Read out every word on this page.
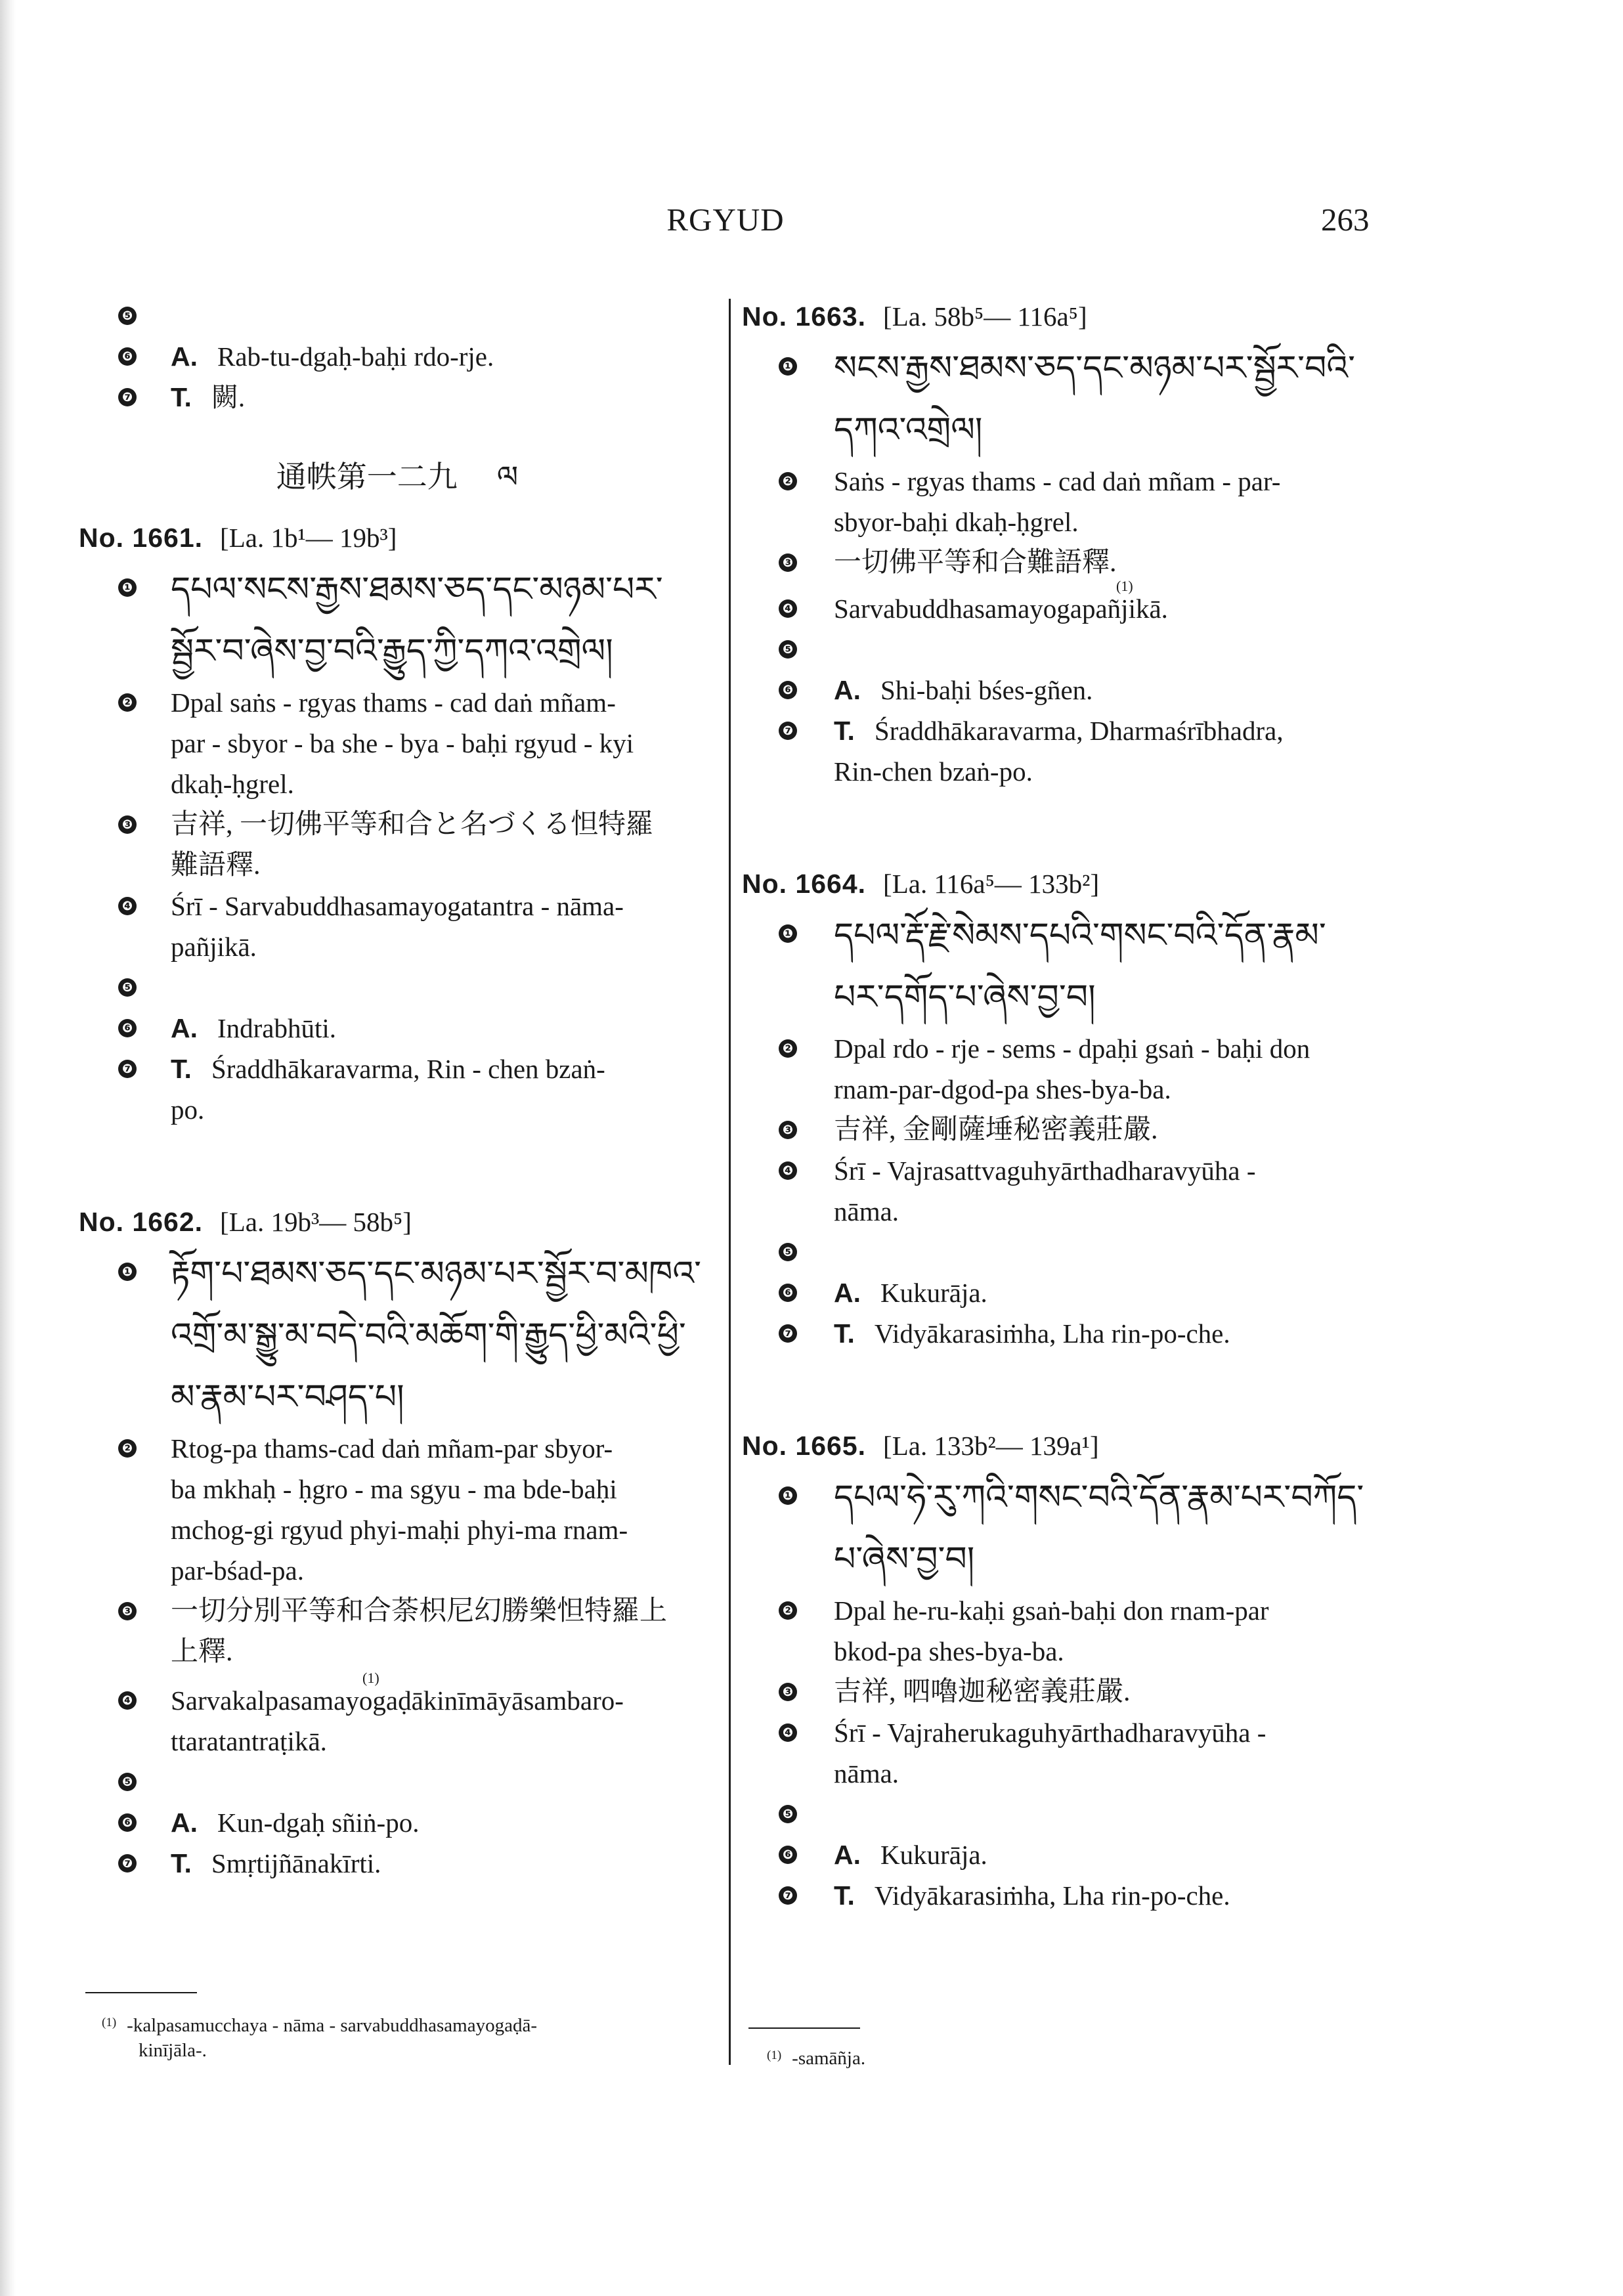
RGYUD	263
❺

❻ A. Rab-tu-dgaḥ-baḥi rdo-rje.
❼ T. 闕.
通帙第一二九 ལ
No. 1661. [La. 1b¹— 19b³]
❶ དཔལ་སངས་རྒྱས་ཐམས་ཅད་དང་མཉམ་པར་
སྦྱོར་བ་ཞེས་བྱ་བའི་རྒྱུད་ཀྱི་དཀའ་འགྲེལ།
❷ Dpal saṅs - rgyas thams - cad daṅ mñam-
par - sbyor - ba she - bya - baḥi rgyud - kyi
dkaḥ-ḥgrel.
❸ 吉祥, 一切佛平等和合と名づくる怛特羅
難語釋.
❹ Śrī - Sarvabuddhasamayogatantra - nāma-
pañjikā.
❺

❻ A. Indrabhūti.
❼ T. Śraddhākaravarma, Rin - chen bzaṅ-
po.
No. 1662. [La. 19b³— 58b⁵]
❶ རྟོག་པ་ཐམས་ཅད་དང་མཉམ་པར་སྦྱོར་བ་མཁའ་
འགྲོ་མ་སྒྱུ་མ་བདེ་བའི་མཆོག་གི་རྒྱུད་ཕྱི་མའི་ཕྱི་
མ་རྣམ་པར་བཤད་པ།
❷ Rtog-pa thams-cad daṅ mñam-par sbyor-
ba mkhaḥ - ḥgro - ma sgyu - ma bde-baḥi
mchog-gi rgyud phyi-maḥi phyi-ma rnam-
par-bśad-pa.
❸ 一切分別平等和合荼枳尼幻勝樂怛特羅上
上釋.
❹
(1)
Sarvakalpasamayogaḍākinīmāyāsambaro-
ttaratantraṭikā.
❺

❻ A. Kun-dgaḥ sñiṅ-po.
❼ T. Smṛtijñānakīrti.
$^{(1)}$ -kalpasamucchaya - nāma - sarvabuddhasamayogaḍā-
kinījāla-.
No. 1663. [La. 58b⁵— 116a⁵]
❶ སངས་རྒྱས་ཐམས་ཅད་དང་མཉམ་པར་སྦྱོར་བའི་
དཀའ་འགྲེལ།
❷ Saṅs - rgyas thams - cad daṅ mñam - par-
sbyor-baḥi dkaḥ-ḥgrel.
❸ 一切佛平等和合難語釋.
❹
(1)
Sarvabuddhasamayogapañjikā.
❺

❻ A. Shi-baḥi bśes-gñen.
❼ T. Śraddhākaravarma, Dharmaśrībhadra,
Rin-chen bzaṅ-po.
No. 1664. [La. 116a⁵— 133b²]
❶ དཔལ་རྡོ་རྗེ་སེམས་དཔའི་གསང་བའི་དོན་རྣམ་
པར་དགོད་པ་ཞེས་བྱ་བ།
❷ Dpal rdo - rje - sems - dpaḥi gsaṅ - baḥi don
rnam-par-dgod-pa shes-bya-ba.
❸ 吉祥, 金剛薩埵秘密義莊嚴.
❹ Śrī - Vajrasattvaguhyārthadharavyūha -
nāma.
❺

❻ A. Kukurāja.
❼ T. Vidyākarasiṁha, Lha rin-po-che.
No. 1665. [La. 133b²— 139a¹]
❶ དཔལ་ཧེ་རུ་ཀའི་གསང་བའི་དོན་རྣམ་པར་བཀོད་
པ་ཞེས་བྱ་བ།
❷ Dpal he-ru-kaḥi gsaṅ-baḥi don rnam-par
bkod-pa shes-bya-ba.
❸ 吉祥, 呬嚕迦秘密義莊嚴.
❹ Śrī - Vajraherukaguhyārthadharavyūha -
nāma.
❺

❻ A. Kukurāja.
❼ T. Vidyākarasiṁha, Lha rin-po-che.
$^{(1)}$ -samāñja.
